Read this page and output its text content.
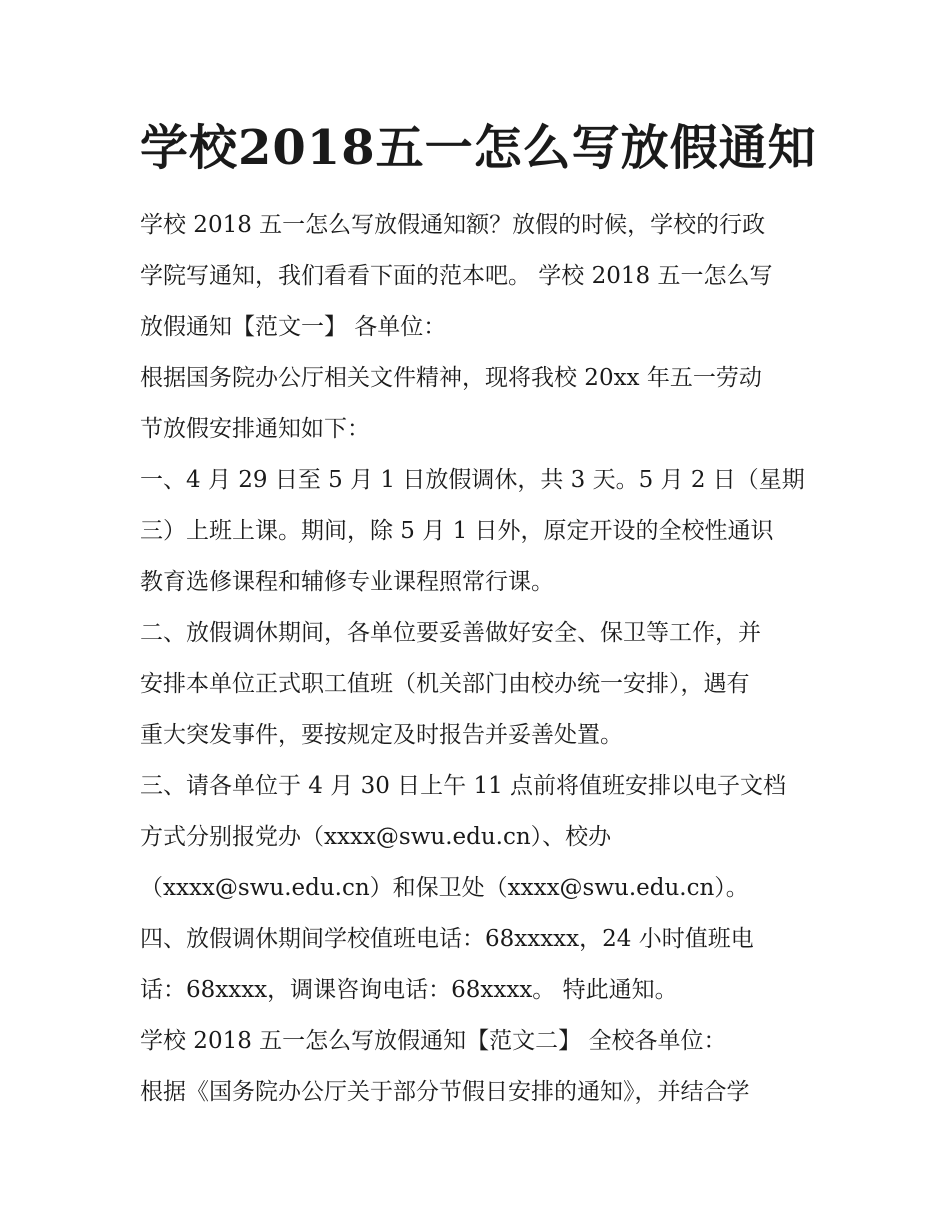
学校2018五一怎么写放假通知

学校 2018 五一怎么写放假通知额？放假的时候，学校的行政

学院写通知，我们看看下面的范本吧。 学校 2018 五一怎么写

放假通知【范文一】 各单位：

根据国务院办公厅相关文件精神，现将我校 20xx 年五一劳动

节放假安排通知如下：

一、4 月 29 日至 5 月 1 日放假调休，共 3 天。5 月 2 日（星期

三）上班上课。期间，除 5 月 1 日外，原定开设的全校性通识

教育选修课程和辅修专业课程照常行课。

二、放假调休期间，各单位要妥善做好安全、保卫等工作，并

安排本单位正式职工值班（机关部门由校办统一安排），遇有

重大突发事件，要按规定及时报告并妥善处置。

三、请各单位于 4 月 30 日上午 11 点前将值班安排以电子文档

方式分别报党办（xxxx@swu.edu.cn）、校办

（xxxx@swu.edu.cn）和保卫处（xxxx@swu.edu.cn）。

四、放假调休期间学校值班电话：68xxxxx，24 小时值班电

话：68xxxx，调课咨询电话：68xxxx。 特此通知。

学校 2018 五一怎么写放假通知【范文二】 全校各单位：

根据《国务院办公厅关于部分节假日安排的通知》，并结合学
